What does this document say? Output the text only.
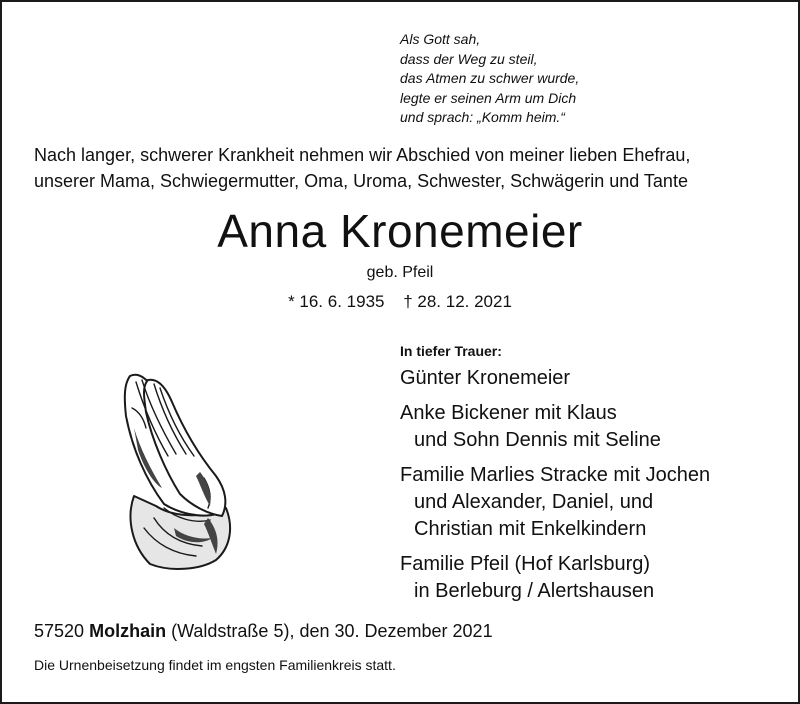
Als Gott sah,
dass der Weg zu steil,
das Atmen zu schwer wurde,
legte er seinen Arm um Dich
und sprach: „Komm heim.“
Nach langer, schwerer Krankheit nehmen wir Abschied von meiner lieben Ehefrau,
unserer Mama, Schwiegermutter, Oma, Uroma, Schwester, Schwägerin und Tante
Anna Kronemeier
geb. Pfeil
* 16. 6. 1935 † 28. 12. 2021
In tiefer Trauer:
Günter Kronemeier
Anke Bickener mit Klaus
und Sohn Dennis mit Seline
Familie Marlies Stracke mit Jochen
und Alexander, Daniel, und
Christian mit Enkelkindern
Familie Pfeil (Hof Karlsburg)
in Berleburg / Alertshausen
57520 Molzhain (Waldstraße 5), den 30. Dezember 2021
Die Urnenbeisetzung findet im engsten Familienkreis statt.
